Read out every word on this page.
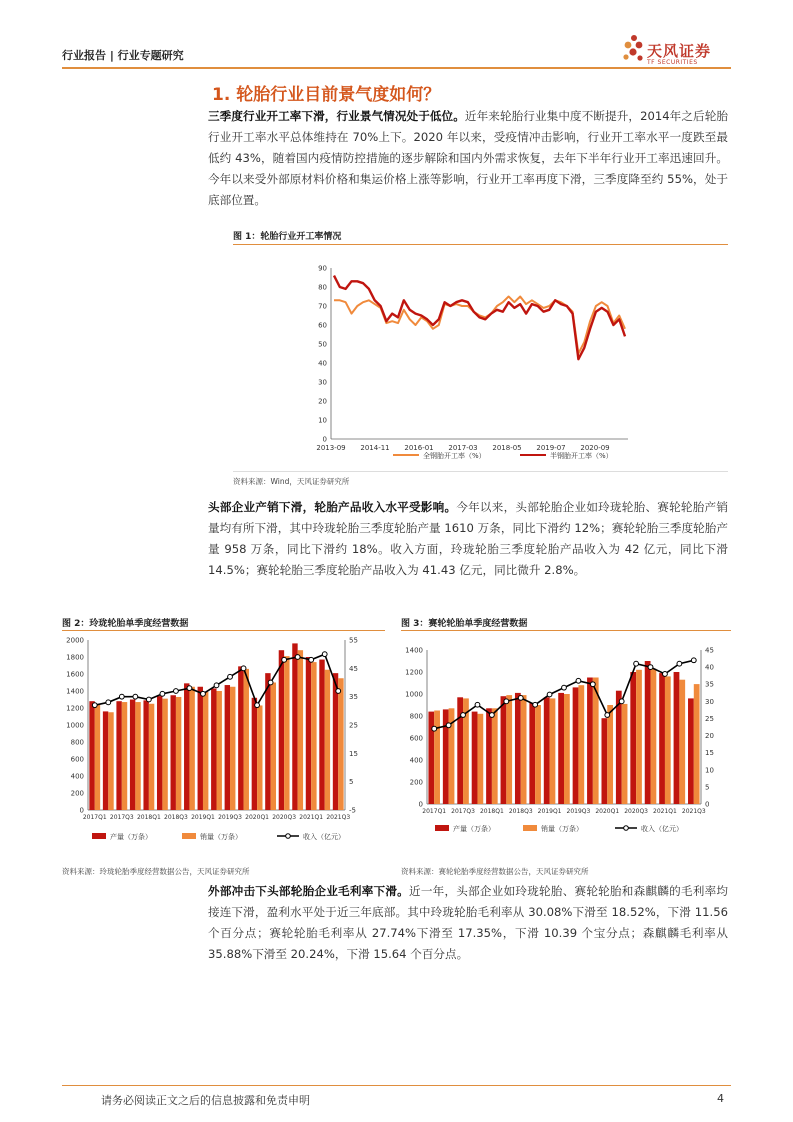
行业报告 | 行业专题研究	天风证券
TF SECURITIES
1. 轮胎行业目前景气度如何？
三季度行业开工率下滑，行业景气情况处于低位。近年来轮胎行业集中度不断提升，2014年之后轮胎行业开工率水平总体维持在 70%上下。2020 年以来，受疫情冲击影响，行业开工率水平一度跌至最低约 43%，随着国内疫情防控措施的逐步解除和国内外需求恢复，去年下半年行业开工率迅速回升。今年以来受外部原材料价格和集运价格上涨等影响，行业开工率再度下滑，三季度降至约 55%，处于底部位置。
图 1：轮胎行业开工率情况
0
10
20
30
40
50
60
70
80
90
2013-09 2014-11 2016-01 2017-03 2018-05 2019-07 2020-09
全钢胎开工率（%）	半钢胎开工率（%）
资料来源：Wind，天风证券研究所
头部企业产销下滑，轮胎产品收入水平受影响。今年以来，头部轮胎企业如玲珑轮胎、赛轮轮胎产销量均有所下滑，其中玲珑轮胎三季度轮胎产量 1610 万条，同比下滑约 12%；赛轮轮胎三季度轮胎产量 958 万条，同比下滑约 18%。收入方面，玲珑轮胎三季度轮胎产品收入为 42 亿元，同比下滑 14.5%；赛轮轮胎三季度轮胎产品收入为 41.43 亿元，同比微升 2.8%。
图 2：玲珑轮胎单季度经营数据
0
200
400
600
800
1000
1200
1400
1600
1800
2000
-5
5
15
25
35
45
55
2017Q1 2017Q3 2018Q1 2018Q3 2019Q1 2019Q3 2020Q1 2020Q3 2021Q1 2021Q3
产量（万条）	销量（万条）	收入（亿元）
资料来源：玲珑轮胎季度经营数据公告，天风证券研究所
图 3：赛轮轮胎单季度经营数据
0
200
400
600
800
1000
1200
1400
0
5
10
15
20
25
30
35
40
45
2017Q1 2017Q3 2018Q1 2018Q3 2019Q1 2019Q3 2020Q1 2020Q3 2021Q1 2021Q3
产量（万条）	销量（万条）	收入（亿元）
资料来源：赛轮轮胎季度经营数据公告，天风证券研究所
外部冲击下头部轮胎企业毛利率下滑。近一年，头部企业如玲珑轮胎、赛轮轮胎和森麒麟的毛利率均接连下滑，盈利水平处于近三年底部。其中玲珑轮胎毛利率从 30.08%下滑至 18.52%，下滑 11.56 个百分点；赛轮轮胎毛利率从 27.74%下滑至 17.35%，下滑 10.39 个宝分点；森麒麟毛利率从 35.88%下滑至 20.24%，下滑 15.64 个百分点。
请务必阅读正文之后的信息披露和免责申明	4
